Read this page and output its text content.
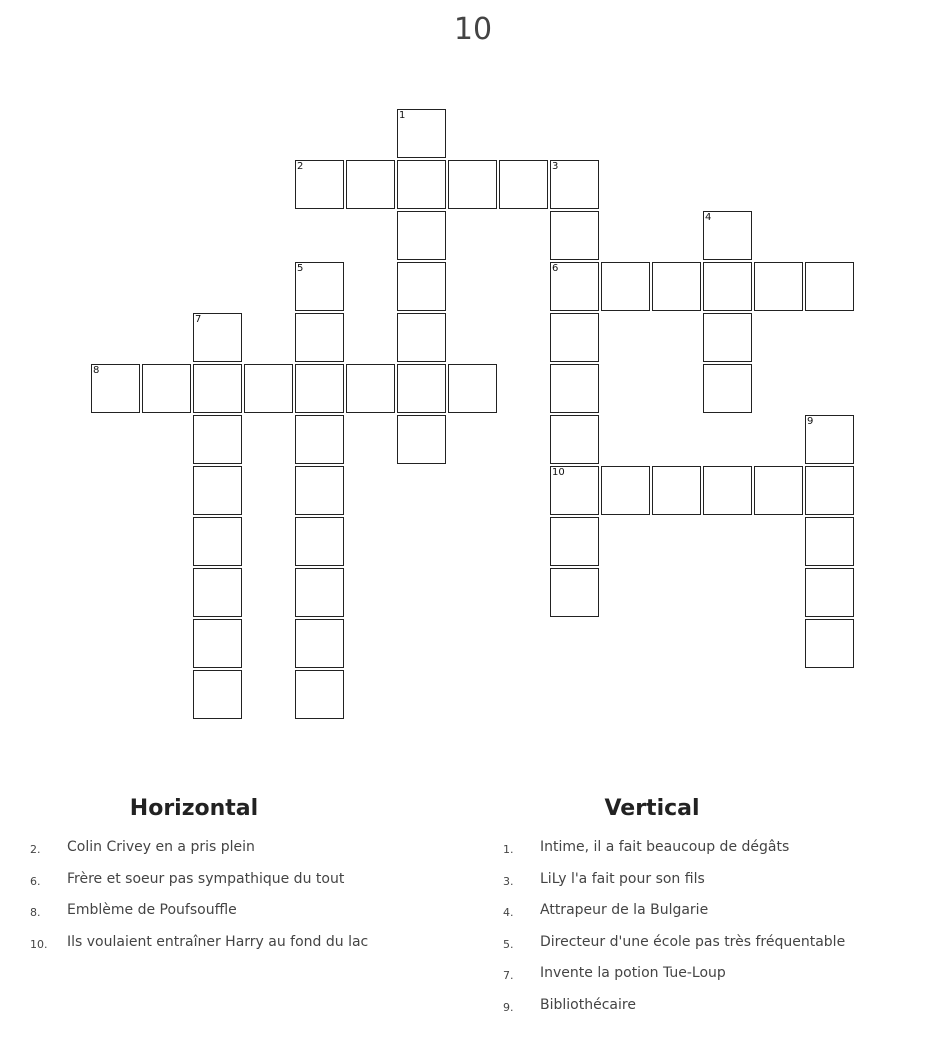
10
1
2	3
6
10
4
5
7
8
9
Horizontal
2. Colin Crivey en a pris plein
6. Frère et soeur pas sympathique du tout
8. Emblème de Poufsouffle
10. Ils voulaient entraîner Harry au fond du lac
Vertical
1. Intime, il a fait beaucoup de dégâts
3. LiLy l'a fait pour son fils
4. Attrapeur de la Bulgarie
5. Directeur d'une école pas très fréquentable
7. Invente la potion Tue-Loup
9. Bibliothécaire
